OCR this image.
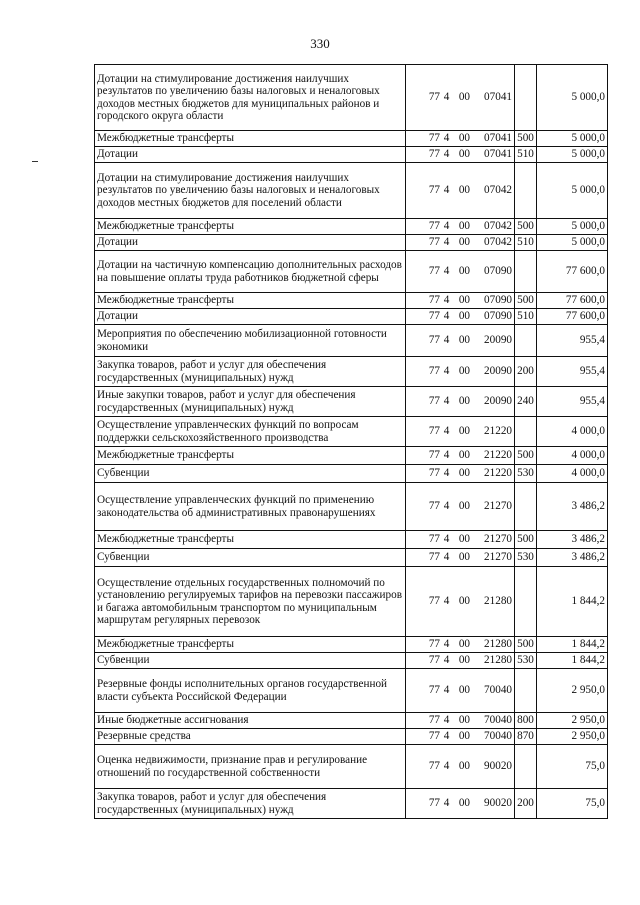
330
Дотации на стимулирование достижения наилучших результатов по увеличению базы налоговых и неналоговых доходов местных бюджетов для муниципальных районов и городского округа области	77 4 00 07041		5 000,0
Межбюджетные трансферты	77 4 00 07041	500	5 000,0
Дотации	77 4 00 07041	510	5 000,0
Дотации на стимулирование достижения наилучших результатов по увеличению базы налоговых и неналоговых доходов местных бюджетов для поселений области	77 4 00 07042		5 000,0
Межбюджетные трансферты	77 4 00 07042	500	5 000,0
Дотации	77 4 00 07042	510	5 000,0
Дотации на частичную компенсацию дополнительных расходов на повышение оплаты труда работников бюджетной сферы	77 4 00 07090		77 600,0
Межбюджетные трансферты	77 4 00 07090	500	77 600,0
Дотации	77 4 00 07090	510	77 600,0
Мероприятия по обеспечению мобилизационной готовности экономики	77 4 00 20090		955,4
Закупка товаров, работ и услуг для обеспечения государственных (муниципальных) нужд	77 4 00 20090	200	955,4
Иные закупки товаров, работ и услуг для обеспечения государственных (муниципальных) нужд	77 4 00 20090	240	955,4
Осуществление управленческих функций по вопросам поддержки сельскохозяйственного производства	77 4 00 21220		4 000,0
Межбюджетные трансферты	77 4 00 21220	500	4 000,0
Субвенции	77 4 00 21220	530	4 000,0
Осуществление управленческих функций по применению законодательства об административных правонарушениях	77 4 00 21270		3 486,2
Межбюджетные трансферты	77 4 00 21270	500	3 486,2
Субвенции	77 4 00 21270	530	3 486,2
Осуществление отдельных государственных полномочий по установлению регулируемых тарифов на перевозки пассажиров и багажа автомобильным транспортом по муниципальным маршрутам регулярных перевозок	77 4 00 21280		1 844,2
Межбюджетные трансферты	77 4 00 21280	500	1 844,2
Субвенции	77 4 00 21280	530	1 844,2
Резервные фонды исполнительных органов государственной власти субъекта Российской Федерации	77 4 00 70040		2 950,0
Иные бюджетные ассигнования	77 4 00 70040	800	2 950,0
Резервные средства	77 4 00 70040	870	2 950,0
Оценка недвижимости, признание прав и регулирование отношений по государственной собственности	77 4 00 90020		75,0
Закупка товаров, работ и услуг для обеспечения государственных (муниципальных) нужд	77 4 00 90020	200	75,0
